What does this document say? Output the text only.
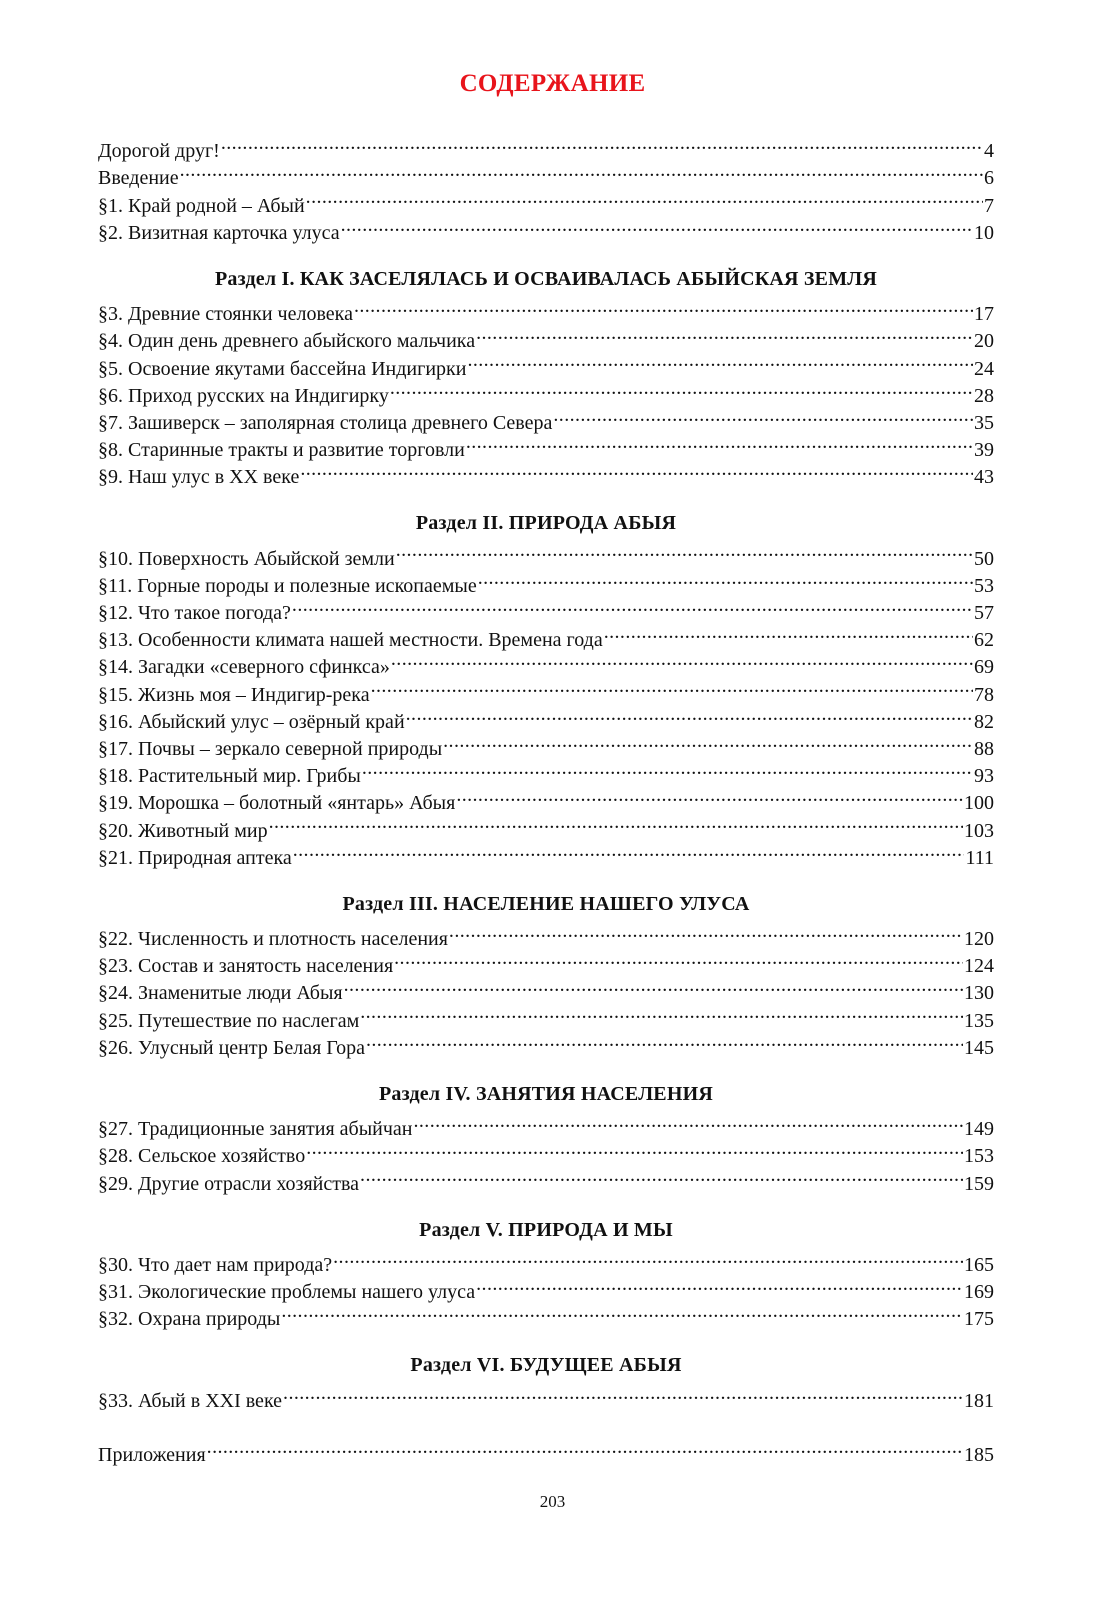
СОДЕРЖАНИЕ
Дорогой друг! .....	4
Введение .....	6
§1. Край родной – Абый .....	7
§2. Визитная карточка улуса .....	10
Раздел I. КАК ЗАСЕЛЯЛАСЬ И ОСВАИВАЛАСЬ АБЫЙСКАЯ ЗЕМЛЯ
§3. Древние стоянки человека .....	17
§4. Один день древнего абыйского мальчика .....	20
§5. Освоение якутами бассейна Индигирки .....	24
§6. Приход русских на Индигирку .....	28
§7. Зашиверск – заполярная столица древнего Севера .....	35
§8. Старинные тракты и развитие торговли .....	39
§9. Наш улус в XX веке .....	43
Раздел II. ПРИРОДА АБЫЯ
§10. Поверхность Абыйской земли .....	50
§11. Горные породы и полезные ископаемые .....	53
§12. Что такое погода? .....	57
§13. Особенности климата нашей местности. Времена года .....	62
§14. Загадки «северного сфинкса» .....	69
§15. Жизнь моя – Индигир-река .....	78
§16. Абыйский улус – озёрный край .....	82
§17. Почвы – зеркало северной природы .....	88
§18. Растительный мир. Грибы .....	93
§19. Морошка – болотный «янтарь» Абыя .....	100
§20. Животный мир .....	103
§21. Природная аптека .....	111
Раздел III. НАСЕЛЕНИЕ НАШЕГО УЛУСА
§22. Численность и плотность населения .....	120
§23. Состав и занятость населения .....	124
§24. Знаменитые люди Абыя .....	130
§25. Путешествие по наслегам .....	135
§26. Улусный центр Белая Гора .....	145
Раздел IV. ЗАНЯТИЯ НАСЕЛЕНИЯ
§27. Традиционные занятия абыйчан .....	149
§28. Сельское хозяйство .....	153
§29. Другие отрасли хозяйства .....	159
Раздел V. ПРИРОДА И МЫ
§30. Что дает нам природа? .....	165
§31. Экологические проблемы нашего улуса .....	169
§32. Охрана природы .....	175
Раздел VI. БУДУЩЕЕ АБЫЯ
§33. Абый в XXI веке .....	181
Приложения .....	185
203
